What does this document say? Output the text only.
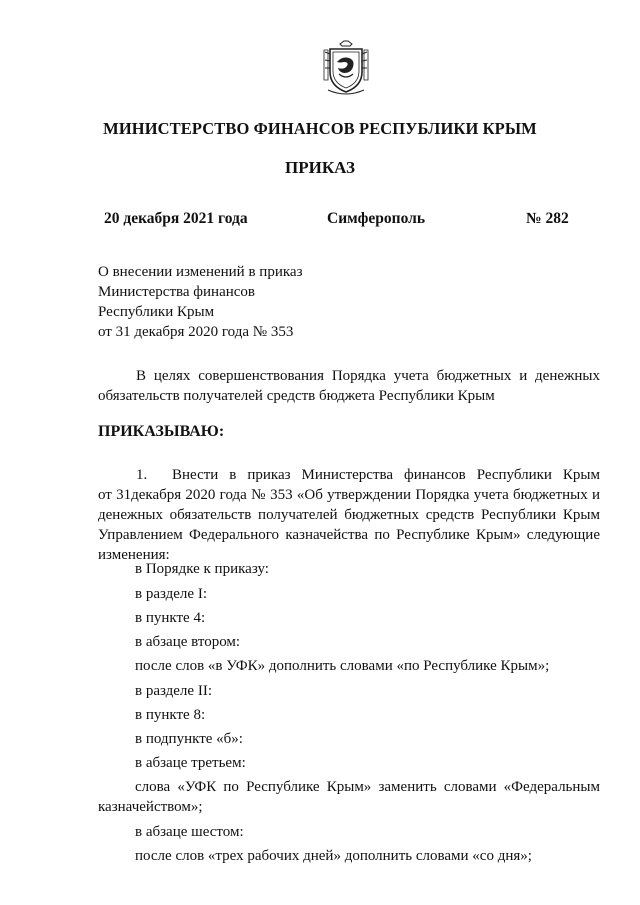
МИНИСТЕРСТВО ФИНАНСОВ РЕСПУБЛИКИ КРЫМ
ПРИКАЗ
20 декабря 2021 года	Симферополь	№ 282
О внесении изменений в приказ
Министерства финансов
Республики Крым
от 31 декабря 2020 года № 353
В целях совершенствования Порядка учета бюджетных и денежных
обязательств получателей средств бюджета Республики Крым
ПРИКАЗЫВАЮ:
1. Внести в приказ Министерства финансов Республики Крым
от 31декабря 2020 года № 353 «Об утверждении Порядка учета бюджетных и
денежных обязательств получателей бюджетных средств Республики Крым
Управлением Федерального казначейства по Республике Крым» следующие
изменения:
в Порядке к приказу:
в разделе I:
в пункте 4:
в абзаце втором:
после слов «в УФК» дополнить словами «по Республике Крым»;
в разделе II:
в пункте 8:
в подпункте «б»:
в абзаце третьем:
слова «УФК по Республике Крым» заменить словами «Федеральным
казначейством»;
в абзаце шестом:
после слов «трех рабочих дней» дополнить словами «со дня»;
